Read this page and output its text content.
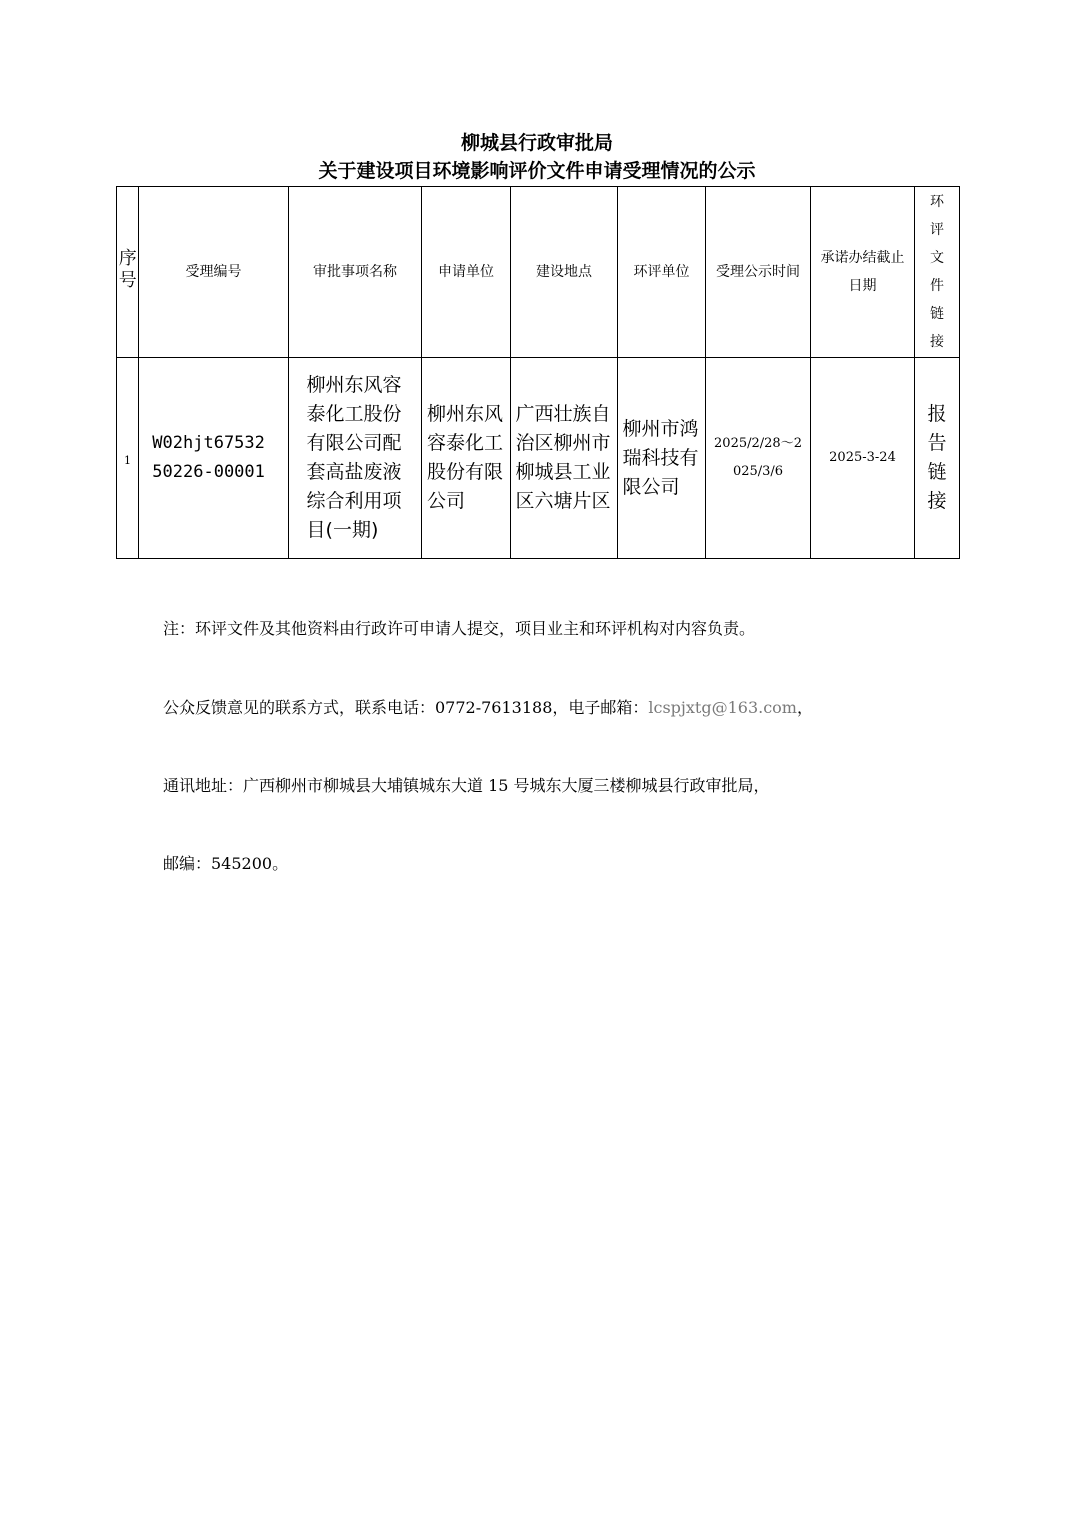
柳城县行政审批局
关于建设项目环境影响评价文件申请受理情况的公示
序号	受理编号	审批事项名称	申请单位	建设地点	环评单位	受理公示时间	承诺办结截止日期	环评文件链接
1	W02hjt6753250226-00001	柳州东风容泰化工股份有限公司配套高盐废液综合利用项目(一期)	柳州东风容泰化工股份有限公司	广西壮族自治区柳州市柳城县工业区六塘片区	柳州市鸿瑞科技有限公司	2025/2/28～2025/3/6	2025-3-24	报告链接

注：环评文件及其他资料由行政许可申请人提交，项目业主和环评机构对内容负责。

公众反馈意见的联系方式，联系电话：0772-7613188，电子邮箱：lcspjxtg@163.com，

通讯地址：广西柳州市柳城县大埔镇城东大道 15 号城东大厦三楼柳城县行政审批局，

邮编：545200。
